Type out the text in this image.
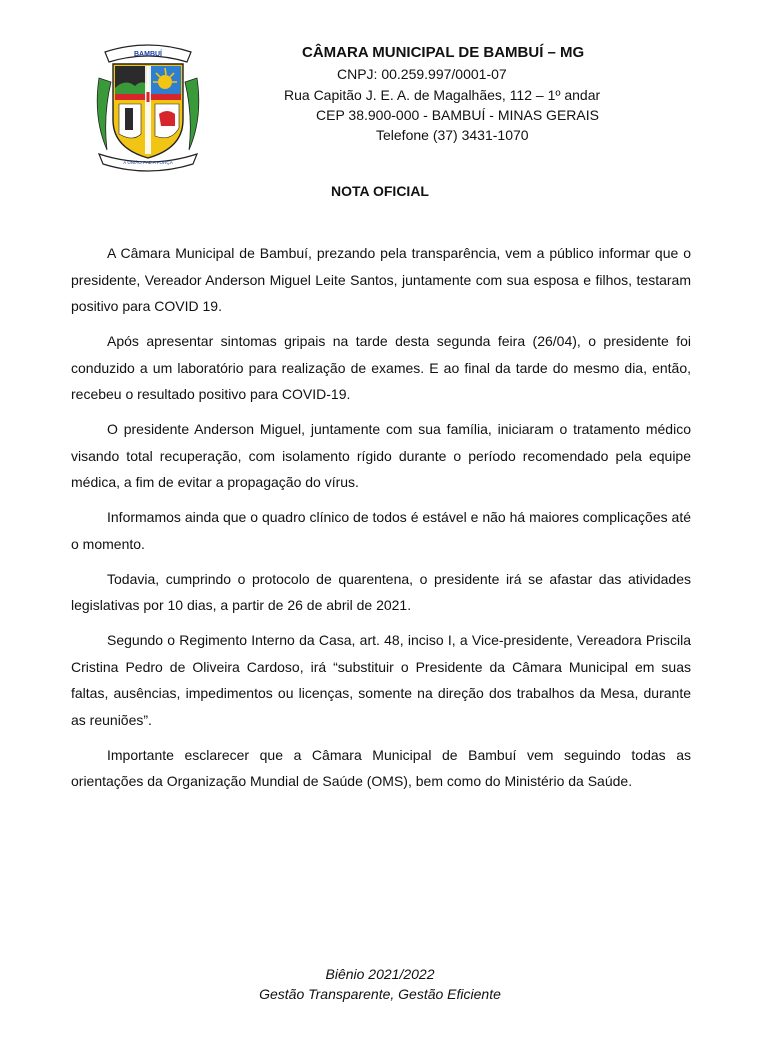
BAMBUÍ
A UNIÃO FAZ A FORÇA
CÂMARA MUNICIPAL DE BAMBUÍ – MG
CNPJ: 00.259.997/0001-07
Rua Capitão J. E. A. de Magalhães, 112 – 1º andar
CEP 38.900-000 - BAMBUÍ - MINAS GERAIS
Telefone (37) 3431-1070
NOTA OFICIAL

A Câmara Municipal de Bambuí, prezando pela transparência, vem a público informar que o presidente, Vereador Anderson Miguel Leite Santos, juntamente com sua esposa e filhos, testaram positivo para COVID 19.

Após apresentar sintomas gripais na tarde desta segunda feira (26/04), o presidente foi conduzido a um laboratório para realização de exames. E ao final da tarde do mesmo dia, então, recebeu o resultado positivo para COVID-19.

O presidente Anderson Miguel, juntamente com sua família, iniciaram o tratamento médico visando total recuperação, com isolamento rígido durante o período recomendado pela equipe médica, a fim de evitar a propagação do vírus.

Informamos ainda que o quadro clínico de todos é estável e não há maiores complicações até o momento.

Todavia, cumprindo o protocolo de quarentena, o presidente irá se afastar das atividades legislativas por 10 dias, a partir de 26 de abril de 2021.

Segundo o Regimento Interno da Casa, art. 48, inciso I, a Vice-presidente, Vereadora Priscila Cristina Pedro de Oliveira Cardoso, irá “substituir o Presidente da Câmara Municipal em suas faltas, ausências, impedimentos ou licenças, somente na direção dos trabalhos da Mesa, durante as reuniões”.

Importante esclarecer que a Câmara Municipal de Bambuí vem seguindo todas as orientações da Organização Mundial de Saúde (OMS), bem como do Ministério da Saúde.

Biênio 2021/2022
Gestão Transparente, Gestão Eficiente
